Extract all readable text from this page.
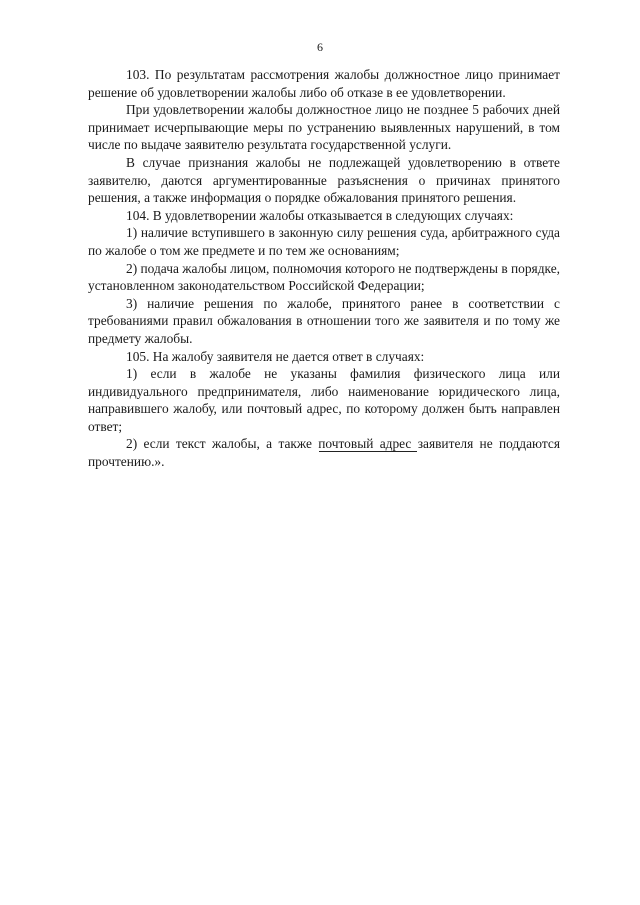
6

103. По результатам рассмотрения жалобы должностное лицо принимает решение об удовлетворении жалобы либо об отказе в ее удовлетворении.

При удовлетворении жалобы должностное лицо не позднее 5 рабочих дней принимает исчерпывающие меры по устранению выявленных нарушений, в том числе по выдаче заявителю результата государственной услуги.

В случае признания жалобы не подлежащей удовлетворению в ответе заявителю, даются аргументированные разъяснения о причинах принятого решения, а также информация о порядке обжалования принятого решения.

104. В удовлетворении жалобы отказывается в следующих случаях:

1) наличие вступившего в законную силу решения суда, арбитражного суда по жалобе о том же предмете и по тем же основаниям;

2) подача жалобы лицом, полномочия которого не подтверждены в порядке, установленном законодательством Российской Федерации;

3) наличие решения по жалобе, принятого ранее в соответствии с требованиями правил обжалования в отношении того же заявителя и по тому же предмету жалобы.

105. На жалобу заявителя не дается ответ в случаях:

1) если в жалобе не указаны фамилия физического лица или индивидуального предпринимателя, либо наименование юридического лица, направившего жалобу, или почтовый адрес, по которому должен быть направлен ответ;

2) если текст жалобы, а также почтовый адрес заявителя не поддаются прочтению.».
